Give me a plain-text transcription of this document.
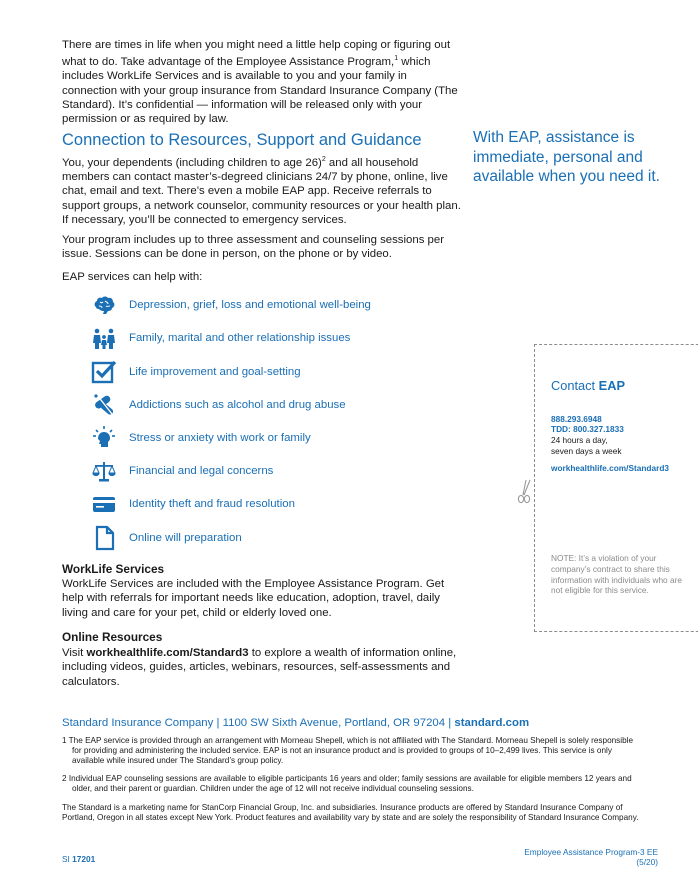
There are times in life when you might need a little help coping or figuring out what to do. Take advantage of the Employee Assistance Program,$^1$ which includes WorkLife Services and is available to you and your family in connection with your group insurance from Standard Insurance Company (The Standard). It’s confidential — information will be released only with your permission or as required by law.
Connection to Resources, Support and Guidance
You, your dependents (including children to age 26)$^2$ and all household members can contact master’s-degreed clinicians 24/7 by phone, online, live chat, email and text. There’s even a mobile EAP app. Receive referrals to support groups, a network counselor, community resources or your health plan. If necessary, you’ll be connected to emergency services.
Your program includes up to three assessment and counseling sessions per issue. Sessions can be done in person, on the phone or by video.
EAP services can help with:
With EAP, assistance is immediate, personal and available when you need it.
Depression, grief, loss and emotional well-being
Family, marital and other relationship issues
Life improvement and goal-setting
Addictions such as alcohol and drug abuse
Stress or anxiety with work or family
Financial and legal concerns
Identity theft and fraud resolution
Online will preparation
WorkLife Services
WorkLife Services are included with the Employee Assistance Program. Get help with referrals for important needs like education, adoption, travel, daily living and care for your pet, child or elderly loved one.
Online Resources
Visit workhealthlife.com/Standard3 to explore a wealth of information online, including videos, guides, articles, webinars, resources, self-assessments and calculators.
Contact EAP
888.293.6948
TDD: 800.327.1833
24 hours a day,
seven days a week
workhealthlife.com/Standard3
NOTE: It’s a violation of your company’s contract to share this information with individuals who are not eligible for this service.
Standard Insurance Company | 1100 SW Sixth Avenue, Portland, OR 97204 | standard.com
1 The EAP service is provided through an arrangement with Morneau Shepell, which is not affiliated with The Standard. Morneau Shepell is solely responsible for providing and administering the included service. EAP is not an insurance product and is provided to groups of 10–2,499 lives. This service is only available while insured under The Standard’s group policy.
2 Individual EAP counseling sessions are available to eligible participants 16 years and older; family sessions are available for eligible members 12 years and older, and their parent or guardian. Children under the age of 12 will not receive individual counseling sessions.
The Standard is a marketing name for StanCorp Financial Group, Inc. and subsidiaries. Insurance products are offered by Standard Insurance Company of Portland, Oregon in all states except New York. Product features and availability vary by state and are solely the responsibility of Standard Insurance Company.
SI 17201
Employee Assistance Program-3 EE
(5/20)
